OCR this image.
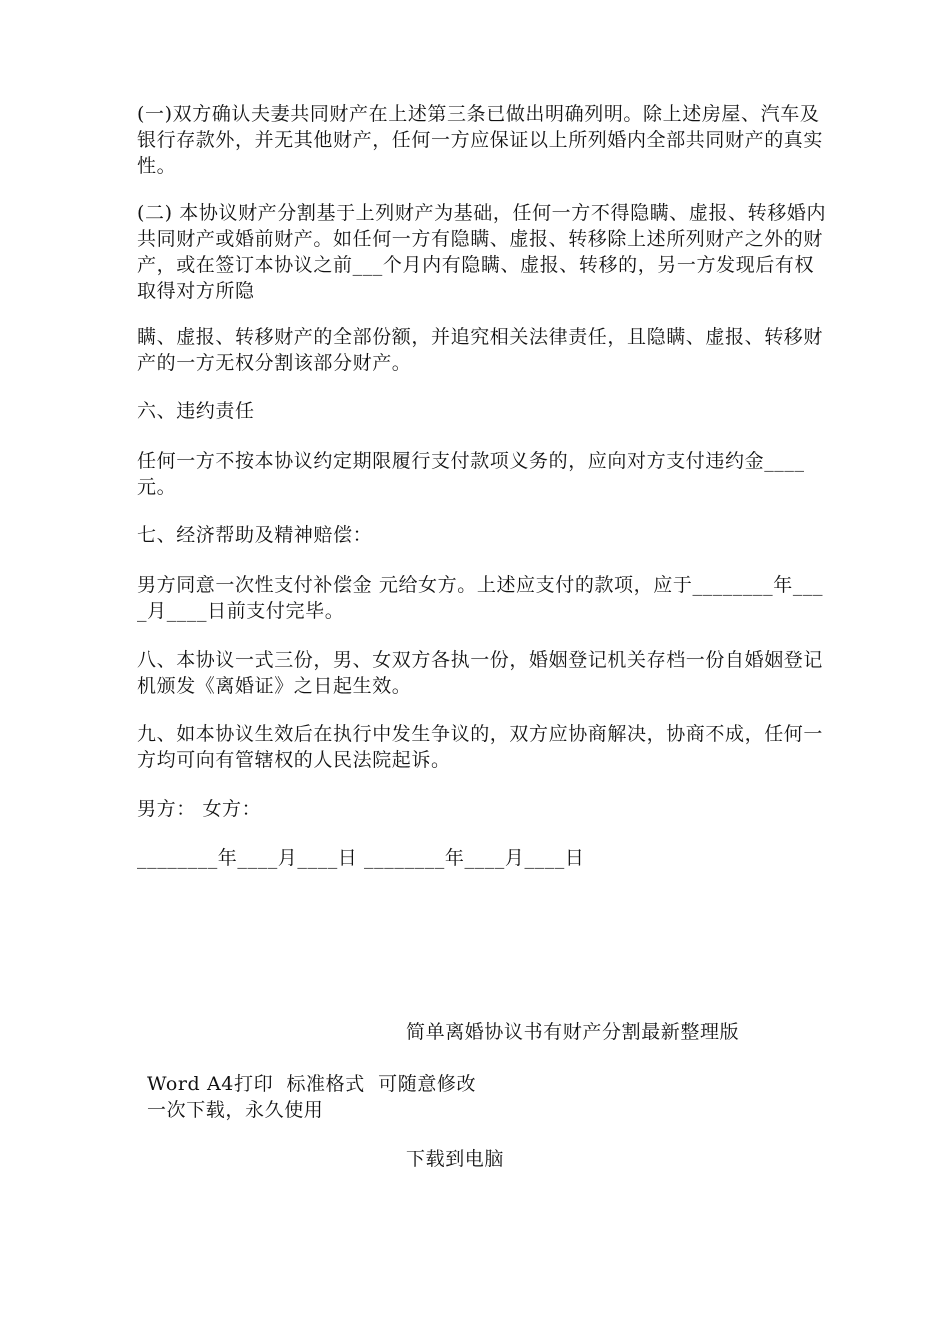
(一)双方确认夫妻共同财产在上述第三条已做出明确列明。除上述房屋、汽车及银行存款外，并无其他财产，任何一方应保证以上所列婚内全部共同财产的真实性。

(二) 本协议财产分割基于上列财产为基础，任何一方不得隐瞒、虚报、转移婚内共同财产或婚前财产。如任何一方有隐瞒、虚报、转移除上述所列财产之外的财产，或在签订本协议之前___个月内有隐瞒、虚报、转移的，另一方发现后有权取得对方所隐

瞒、虚报、转移财产的全部份额，并追究相关法律责任，且隐瞒、虚报、转移财产的一方无权分割该部分财产。

六、违约责任

任何一方不按本协议约定期限履行支付款项义务的，应向对方支付违约金____元。

七、经济帮助及精神赔偿：

男方同意一次性支付补偿金 元给女方。上述应支付的款项，应于________年____月____日前支付完毕。

八、本协议一式三份，男、女双方各执一份，婚姻登记机关存档一份自婚姻登记机颁发《离婚证》之日起生效。

九、如本协议生效后在执行中发生争议的，双方应协商解决，协商不成，任何一方均可向有管辖权的人民法院起诉。

男方： 女方：

________年____月____日 ________年____月____日

简单离婚协议书有财产分割最新整理版
Word A4打印  标准格式  可随意修改
一次下载，永久使用
下载到电脑
